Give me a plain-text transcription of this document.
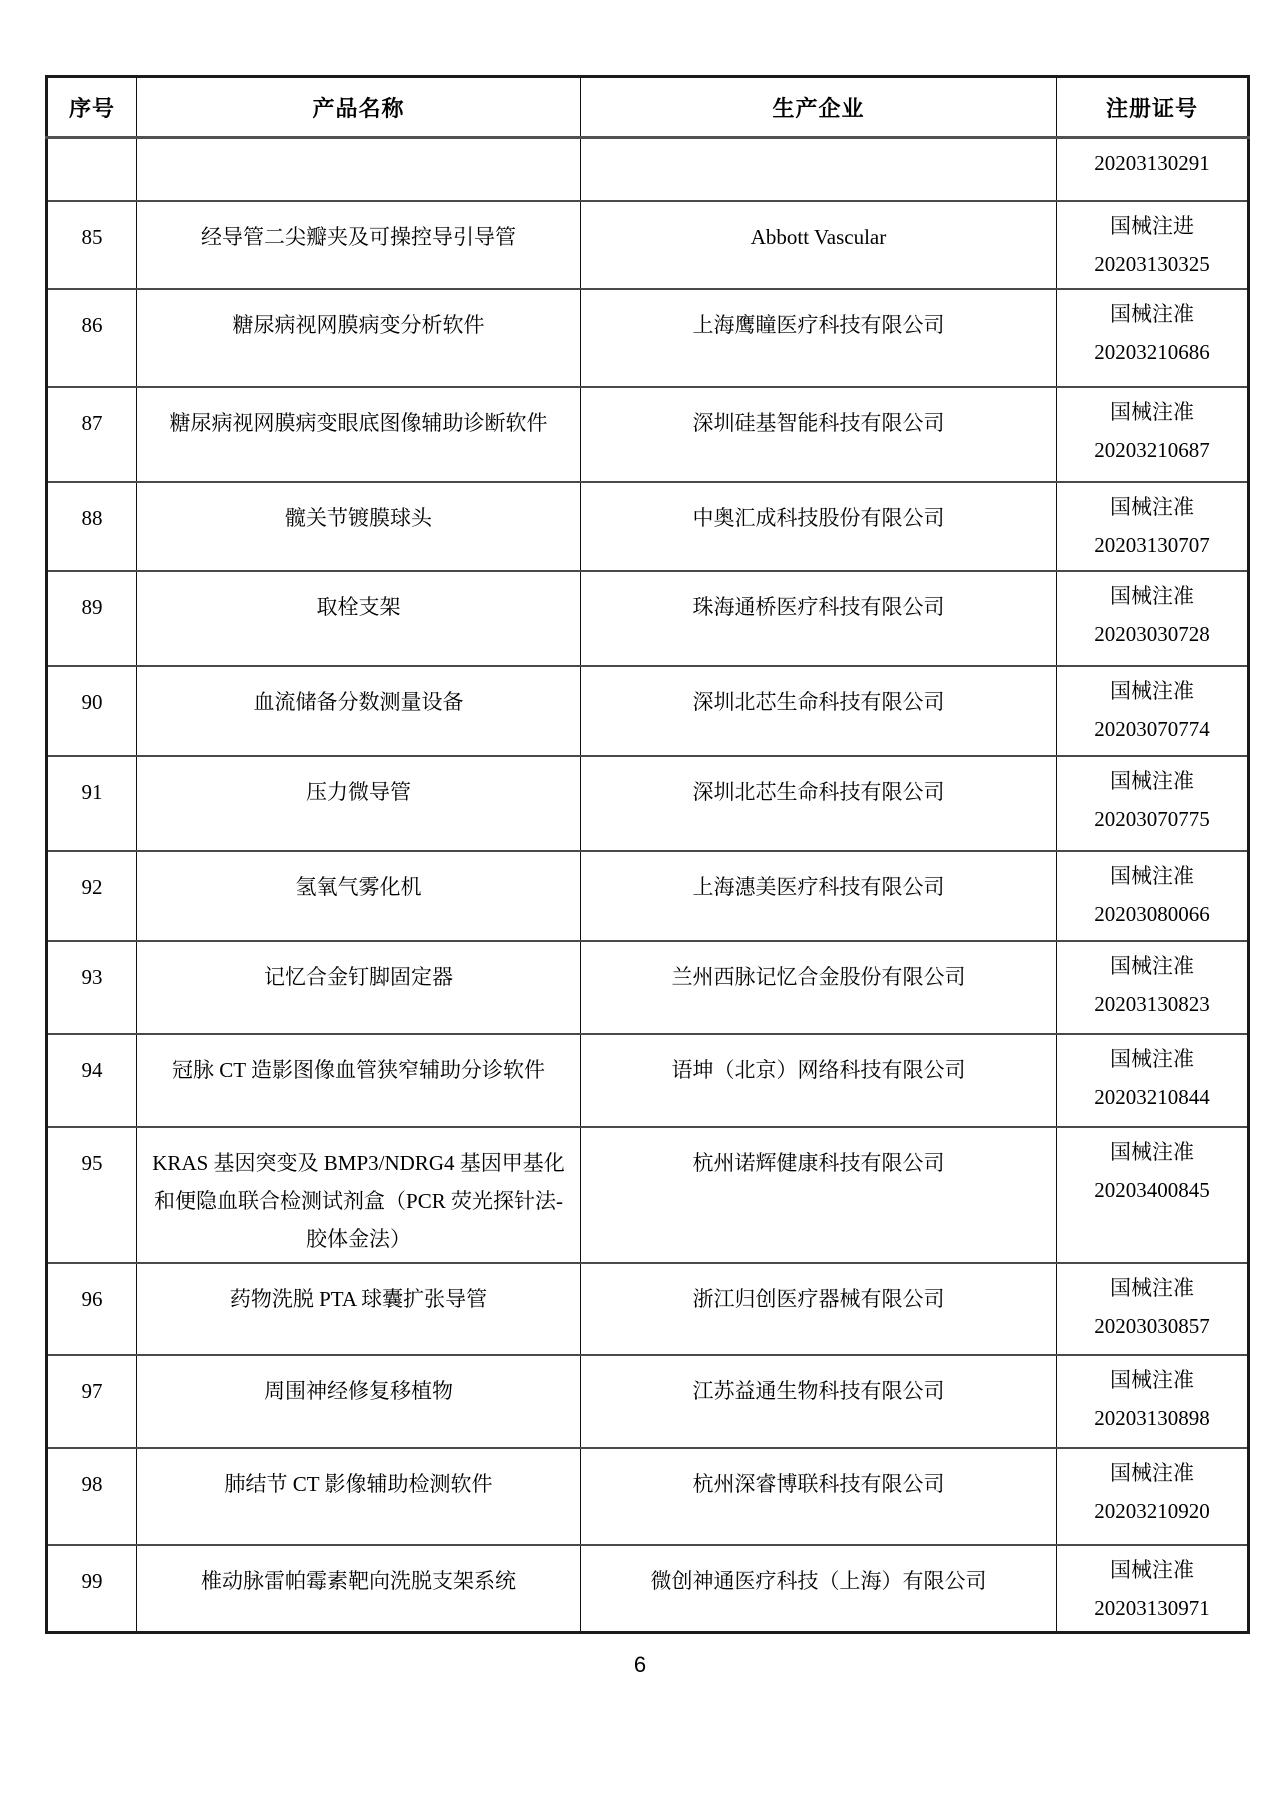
序号	产品名称	生产企业	注册证号

			20203130291

85	经导管二尖瓣夹及可操控导引导管	Abbott Vascular	国械注进
20203130325

86	糖尿病视网膜病变分析软件	上海鹰瞳医疗科技有限公司	国械注准
20203210686

87	糖尿病视网膜病变眼底图像辅助诊断软件	深圳硅基智能科技有限公司	国械注准
20203210687

88	髋关节镀膜球头	中奥汇成科技股份有限公司	国械注准
20203130707

89	取栓支架	珠海通桥医疗科技有限公司	国械注准
20203030728

90	血流储备分数测量设备	深圳北芯生命科技有限公司	国械注准
20203070774

91	压力微导管	深圳北芯生命科技有限公司	国械注准
20203070775

92	氢氧气雾化机	上海潓美医疗科技有限公司	国械注准
20203080066

93	记忆合金钉脚固定器	兰州西脉记忆合金股份有限公司	国械注准
20203130823

94	冠脉 CT 造影图像血管狭窄辅助分诊软件	语坤（北京）网络科技有限公司	国械注准
20203210844

95	KRAS 基因突变及 BMP3/NDRG4 基因甲基化和便隐血联合检测试剂盒（PCR 荧光探针法-胶体金法）	杭州诺辉健康科技有限公司	国械注准
20203400845

96	药物洗脱 PTA 球囊扩张导管	浙江归创医疗器械有限公司	国械注准
20203030857

97	周围神经修复移植物	江苏益通生物科技有限公司	国械注准
20203130898

98	肺结节 CT 影像辅助检测软件	杭州深睿博联科技有限公司	国械注准
20203210920

99	椎动脉雷帕霉素靶向洗脱支架系统	微创神通医疗科技（上海）有限公司	国械注准
20203130971
6
